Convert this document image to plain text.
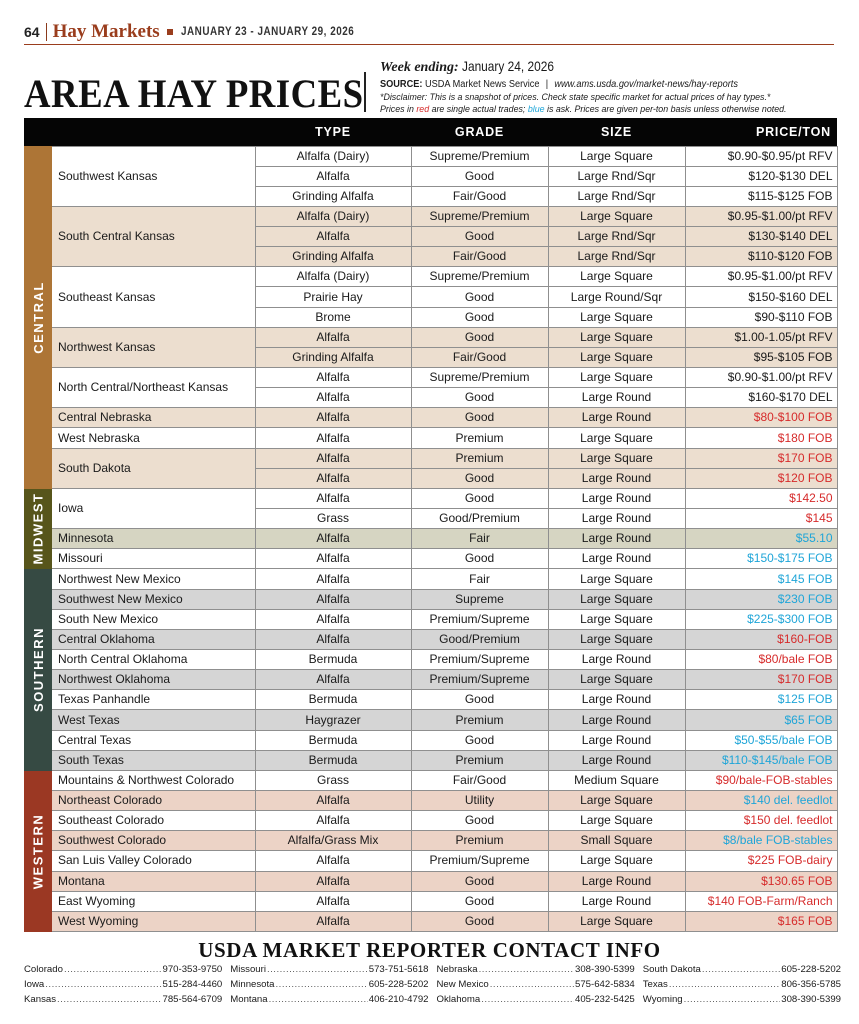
64 Hay Markets JANUARY 23 - JANUARY 29, 2026
AREA HAY PRICES
Week ending: January 24, 2026
SOURCE: USDA Market News Service | www.ams.usda.gov/market-news/hay-reports
*Disclaimer: This is a snapshot of prices. Check state specific market for actual prices of hay types.*
Prices in red are single actual trades; blue is ask. Prices are given per-ton basis unless otherwise noted.
CENTRAL
MIDWEST
SOUTHERN
WESTERN
	TYPE	GRADE	SIZE	PRICE/TON
Southwest Kansas	Alfalfa (Dairy)	Supreme/Premium	Large Square	$0.90-$0.95/pt RFV
	Alfalfa	Good	Large Rnd/Sqr	$120-$130 DEL
	Grinding Alfalfa	Fair/Good	Large Rnd/Sqr	$115-$125 FOB
South Central Kansas	Alfalfa (Dairy)	Supreme/Premium	Large Square	$0.95-$1.00/pt RFV
	Alfalfa	Good	Large Rnd/Sqr	$130-$140 DEL
	Grinding Alfalfa	Fair/Good	Large Rnd/Sqr	$110-$120 FOB
Southeast Kansas	Alfalfa (Dairy)	Supreme/Premium	Large Square	$0.95-$1.00/pt RFV
	Prairie Hay	Good	Large Round/Sqr	$150-$160 DEL
	Brome	Good	Large Square	$90-$110 FOB
Northwest Kansas	Alfalfa	Good	Large Square	$1.00-1.05/pt RFV
	Grinding Alfalfa	Fair/Good	Large Square	$95-$105 FOB
North Central/Northeast Kansas	Alfalfa	Supreme/Premium	Large Square	$0.90-$1.00/pt RFV
	Alfalfa	Good	Large Round	$160-$170 DEL
Central Nebraska	Alfalfa	Good	Large Round	$80-$100 FOB
West Nebraska	Alfalfa	Premium	Large Square	$180 FOB
South Dakota	Alfalfa	Premium	Large Square	$170 FOB
	Alfalfa	Good	Large Round	$120 FOB
Iowa	Alfalfa	Good	Large Round	$142.50
	Grass	Good/Premium	Large Round	$145
Minnesota	Alfalfa	Fair	Large Round	$55.10
Missouri	Alfalfa	Good	Large Round	$150-$175 FOB
Northwest New Mexico	Alfalfa	Fair	Large Square	$145 FOB
Southwest New Mexico	Alfalfa	Supreme	Large Square	$230 FOB
South New Mexico	Alfalfa	Premium/Supreme	Large Square	$225-$300 FOB
Central Oklahoma	Alfalfa	Good/Premium	Large Square	$160-FOB
North Central Oklahoma	Bermuda	Premium/Supreme	Large Round	$80/bale FOB
Northwest Oklahoma	Alfalfa	Premium/Supreme	Large Square	$170 FOB
Texas Panhandle	Bermuda	Good	Large Round	$125 FOB
West Texas	Haygrazer	Premium	Large Round	$65 FOB
Central Texas	Bermuda	Good	Large Round	$50-$55/bale FOB
South Texas	Bermuda	Premium	Large Round	$110-$145/bale FOB
Mountains & Northwest Colorado	Grass	Fair/Good	Medium Square	$90/bale-FOB-stables
Northeast Colorado	Alfalfa	Utility	Large Square	$140 del. feedlot
Southeast Colorado	Alfalfa	Good	Large Square	$150 del. feedlot
Southwest Colorado	Alfalfa/Grass Mix	Premium	Small Square	$8/bale FOB-stables
San Luis Valley Colorado	Alfalfa	Premium/Supreme	Large Square	$225 FOB-dairy
Montana	Alfalfa	Good	Large Round	$130.65 FOB
East Wyoming	Alfalfa	Good	Large Round	$140 FOB-Farm/Ranch
West Wyoming	Alfalfa	Good	Large Square	$165 FOB
USDA MARKET REPORTER CONTACT INFO
Colorado .....	970-353-9750
Iowa .....	515-284-4460
Kansas .....	785-564-6709
Missouri .....	573-751-5618
Minnesota .....	605-228-5202
Montana .....	406-210-4792
Nebraska .....	308-390-5399
New Mexico .....	575-642-5834
Oklahoma .....	405-232-5425
South Dakota .....	605-228-5202
Texas .....	806-356-5785
Wyoming .....	308-390-5399
